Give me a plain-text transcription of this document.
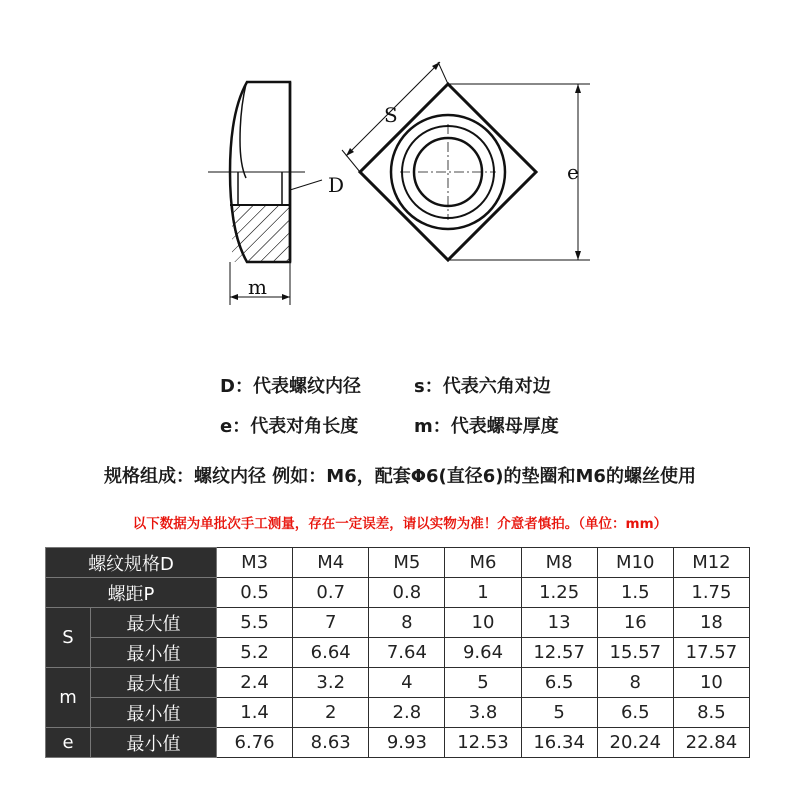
D
m
S
e
D：代表螺纹内径	s：代表六角对边
e：代表对角长度	m：代表螺母厚度
规格组成：螺纹内径 例如：M6，配套Φ6(直径6)的垫圈和M6的螺丝使用
以下数据为单批次手工测量，存在一定误差，请以实物为准！介意者慎拍。（单位：mm）
螺纹规格D		M3	M4	M5	M6	M8	M10	M12
螺距P		0.5	0.7	0.8	1	1.25	1.5	1.75
S	最大值	5.5	7	8	10	13	16	18
	最小值	5.2	6.64	7.64	9.64	12.57	15.57	17.57
m	最大值	2.4	3.2	4	5	6.5	8	10
	最小值	1.4	2	2.8	3.8	5	6.5	8.5
e	最小值	6.76	8.63	9.93	12.53	16.34	20.24	22.84
